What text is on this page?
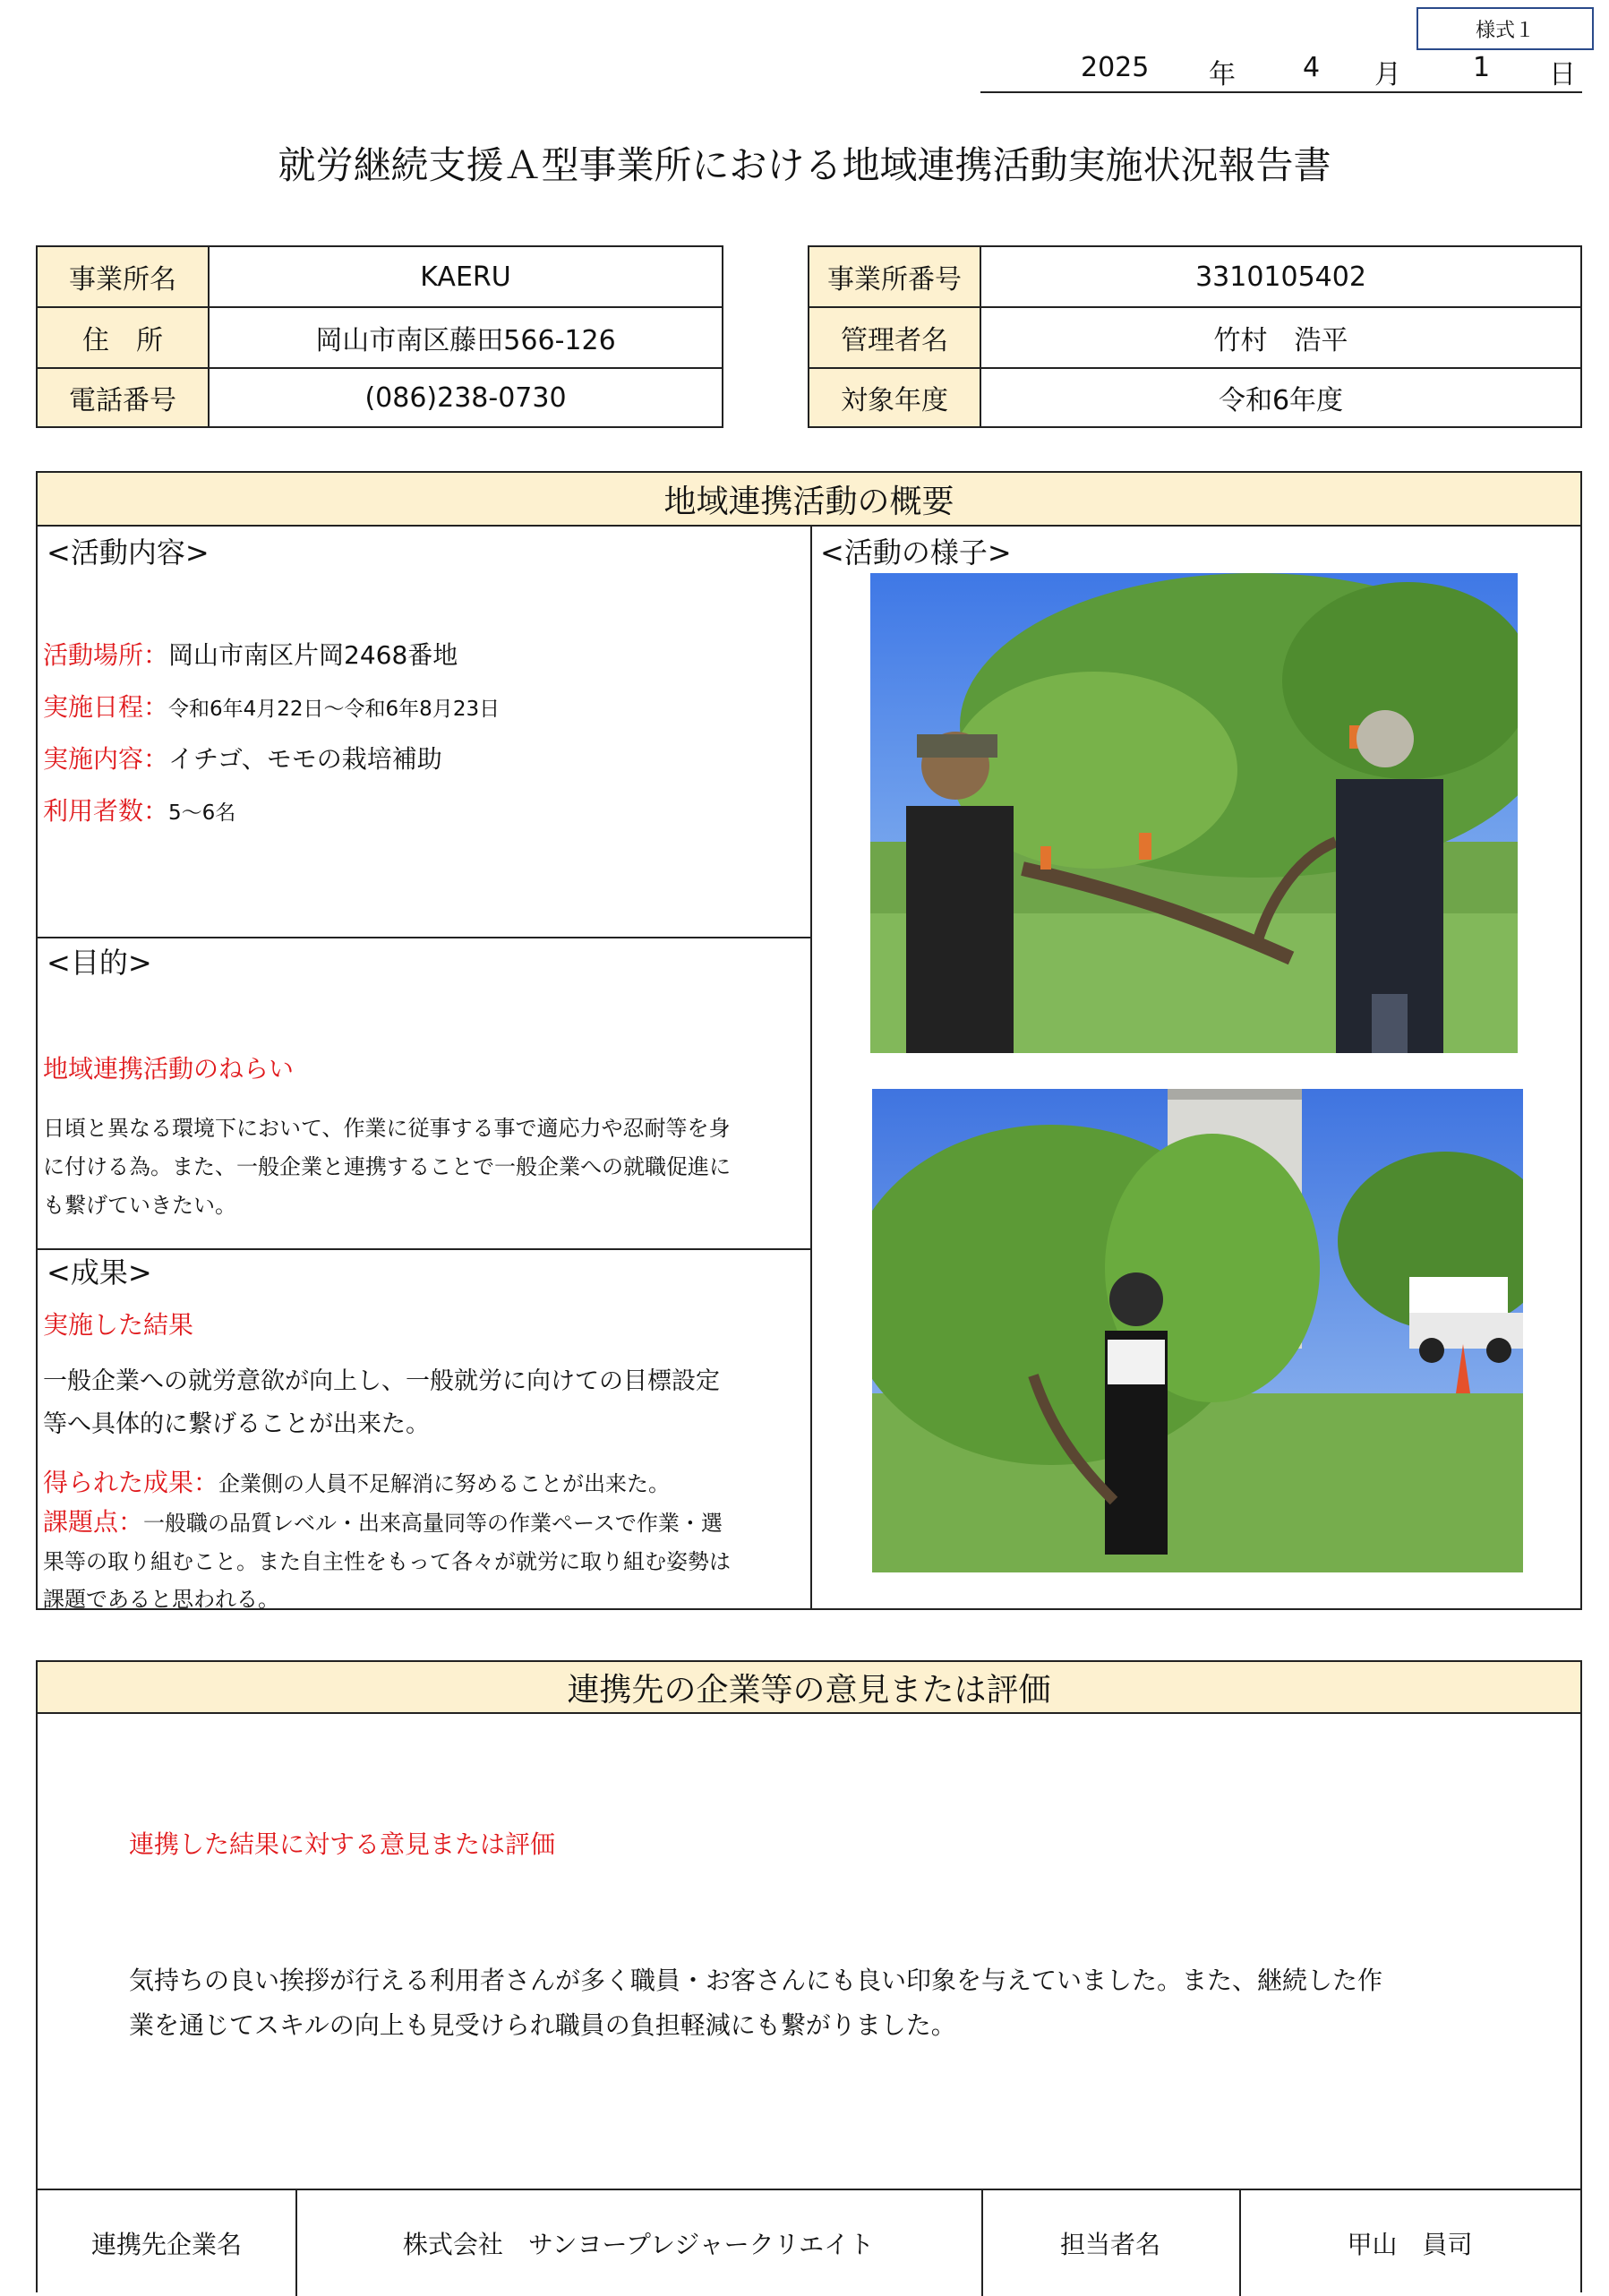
様式１
2025 年	4 月	1 日
就労継続支援Ａ型事業所における地域連携活動実施状況報告書
事業所名	KAERU
住　所	岡山市南区藤田566-126
電話番号	(086)238-0730
事業所番号	3310105402
管理者名	竹村　浩平
対象年度	令和6年度
地域連携活動の概要
<活動内容>
活動場所：岡山市南区片岡2468番地
実施日程：令和6年4月22日～令和6年8月23日
実施内容：イチゴ、モモの栽培補助
利用者数：5～6名
<目的>
地域連携活動のねらい
日頃と異なる環境下において、作業に従事する事で適応力や忍耐等を身
に付ける為。また、一般企業と連携することで一般企業への就職促進に
も繋げていきたい。
<成果>
実施した結果
一般企業への就労意欲が向上し、一般就労に向けての目標設定
等へ具体的に繋げることが出来た。
得られた成果：企業側の人員不足解消に努めることが出来た。
課題点：一般職の品質レベル・出来高量同等の作業ペースで作業・選
果等の取り組むこと。また自主性をもって各々が就労に取り組む姿勢は
課題であると思われる。
<活動の様子>
連携先の企業等の意見または評価
連携した結果に対する意見または評価
気持ちの良い挨拶が行える利用者さんが多く職員・お客さんにも良い印象を与えていました。また、継続した作
業を通じてスキルの向上も見受けられ職員の負担軽減にも繋がりました。
連携先企業名	株式会社　サンヨープレジャークリエイト	担当者名	甲山　員司
